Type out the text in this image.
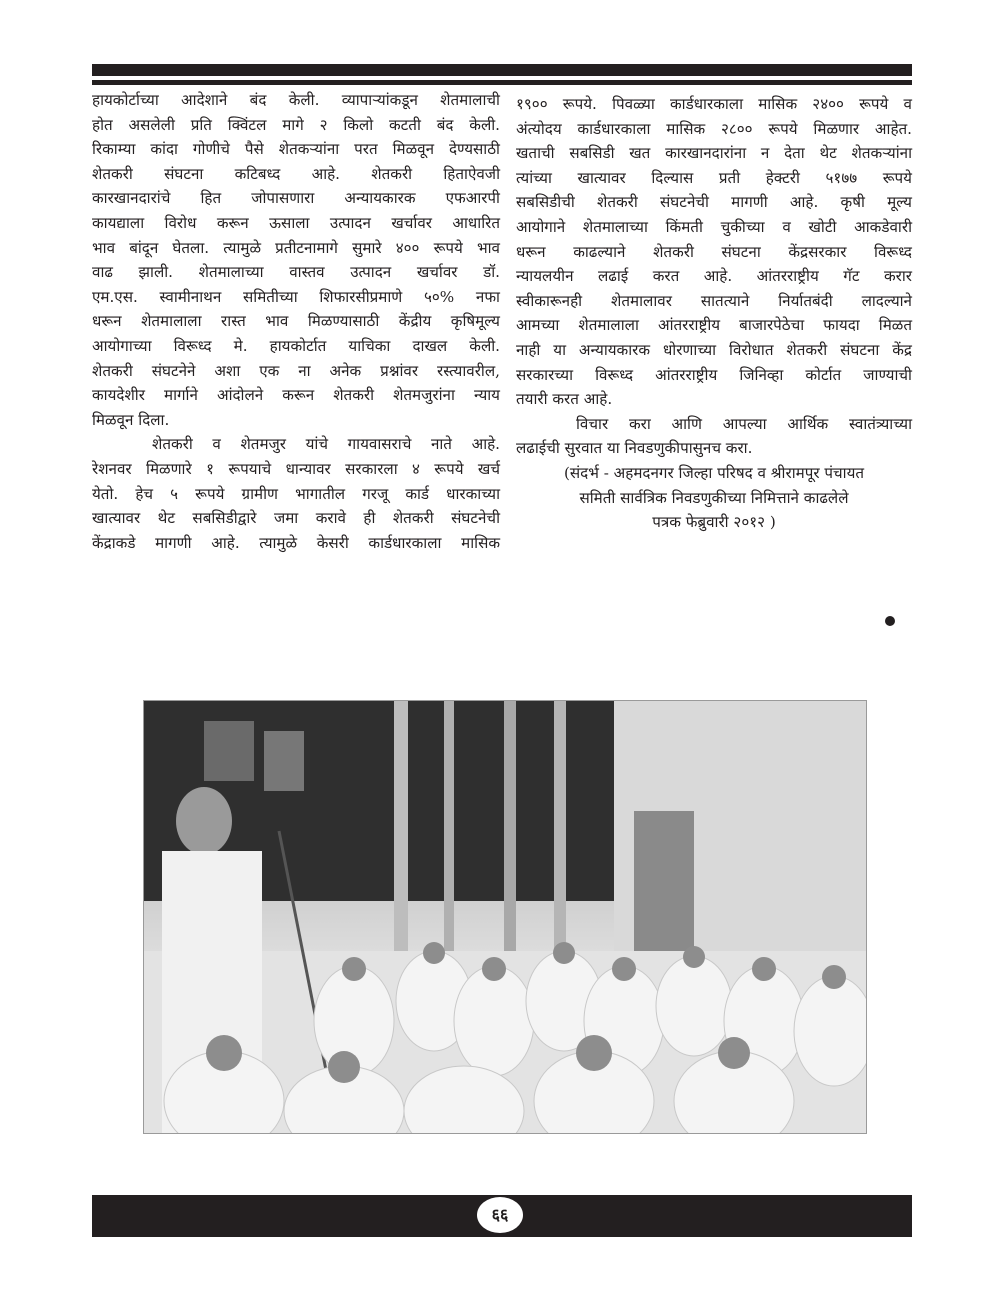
हायकोर्टाच्या आदेशाने बंद केली. व्यापाऱ्यांकडून शेतमालाची
होत असलेली प्रति क्विंटल मागे २ किलो कटती बंद केली.
रिकाम्या कांदा गोणीचे पैसे शेतकऱ्यांना परत मिळवून देण्यसाठी
शेतकरी संघटना कटिबध्द आहे. शेतकरी हिताऐवजी
कारखानदारांचे हित जोपासणारा अन्यायकारक एफआरपी
कायद्याला विरोध करून ऊसाला उत्पादन खर्चावर आधारित
भाव बांदून घेतला. त्यामुळे प्रतीटनामागे सुमारे ४०० रूपये भाव
वाढ झाली. शेतमालाच्या वास्तव उत्पादन खर्चावर डॉ.
एम.एस. स्वामीनाथन समितीच्या शिफारसीप्रमाणे ५०% नफा
धरून शेतमालाला रास्त भाव मिळण्यासाठी केंद्रीय कृषिमूल्य
आयोगाच्या विरूध्द मे. हायकोर्टात याचिका दाखल केली.
शेतकरी संघटनेने अशा एक ना अनेक प्रश्नांवर रस्त्यावरील,
कायदेशीर मार्गाने आंदोलने करून शेतकरी शेतमजुरांना न्याय
मिळवून दिला.

शेतकरी व शेतमजुर यांचे गायवासराचे नाते आहे.
रेशनवर मिळणारे १ रूपयाचे धान्यावर सरकारला ४ रूपये खर्च
येतो. हेच ५ रूपये ग्रामीण भागातील गरजू कार्ड धारकाच्या
खात्यावर थेट सबसिडीद्वारे जमा करावे ही शेतकरी संघटनेची
केंद्राकडे मागणी आहे. त्यामुळे केसरी कार्डधारकाला मासिक

१९०० रूपये. पिवळ्या कार्डधारकाला मासिक २४०० रूपये व
अंत्योदय कार्डधारकाला मासिक २८०० रूपये मिळणार आहेत.
खताची सबसिडी खत कारखानदारांना न देता थेट शेतकऱ्यांना
त्यांच्या खात्यावर दिल्यास प्रती हेक्टरी ५१७७ रूपये
सबसिडीची शेतकरी संघटनेची मागणी आहे. कृषी मूल्य
आयोगाने शेतमालाच्या किंमती चुकीच्या व खोटी आकडेवारी
धरून काढल्याने शेतकरी संघटना केंद्रसरकार विरूध्द
न्यायलयीन लढाई करत आहे. आंतरराष्ट्रीय गॅट करार
स्वीकारूनही शेतमालावर सातत्याने निर्यातबंदी लादल्याने
आमच्या शेतमालाला आंतरराष्ट्रीय बाजारपेठेचा फायदा मिळत
नाही या अन्यायकारक धोरणाच्या विरोधात शेतकरी संघटना केंद्र
सरकारच्या विरूध्द आंतरराष्ट्रीय जिनिव्हा कोर्टात जाण्याची
तयारी करत आहे.

विचार करा आणि आपल्या आर्थिक स्वातंत्र्याच्या
लढाईची सुरवात या निवडणुकीपासुनच करा.

(संदर्भ - अहमदनगर जिल्हा परिषद व श्रीरामपूर पंचायत
समिती सार्वत्रिक निवडणुकीच्या निमित्ताने काढलेले
पत्रक फेब्रुवारी २०१२ )

६६
